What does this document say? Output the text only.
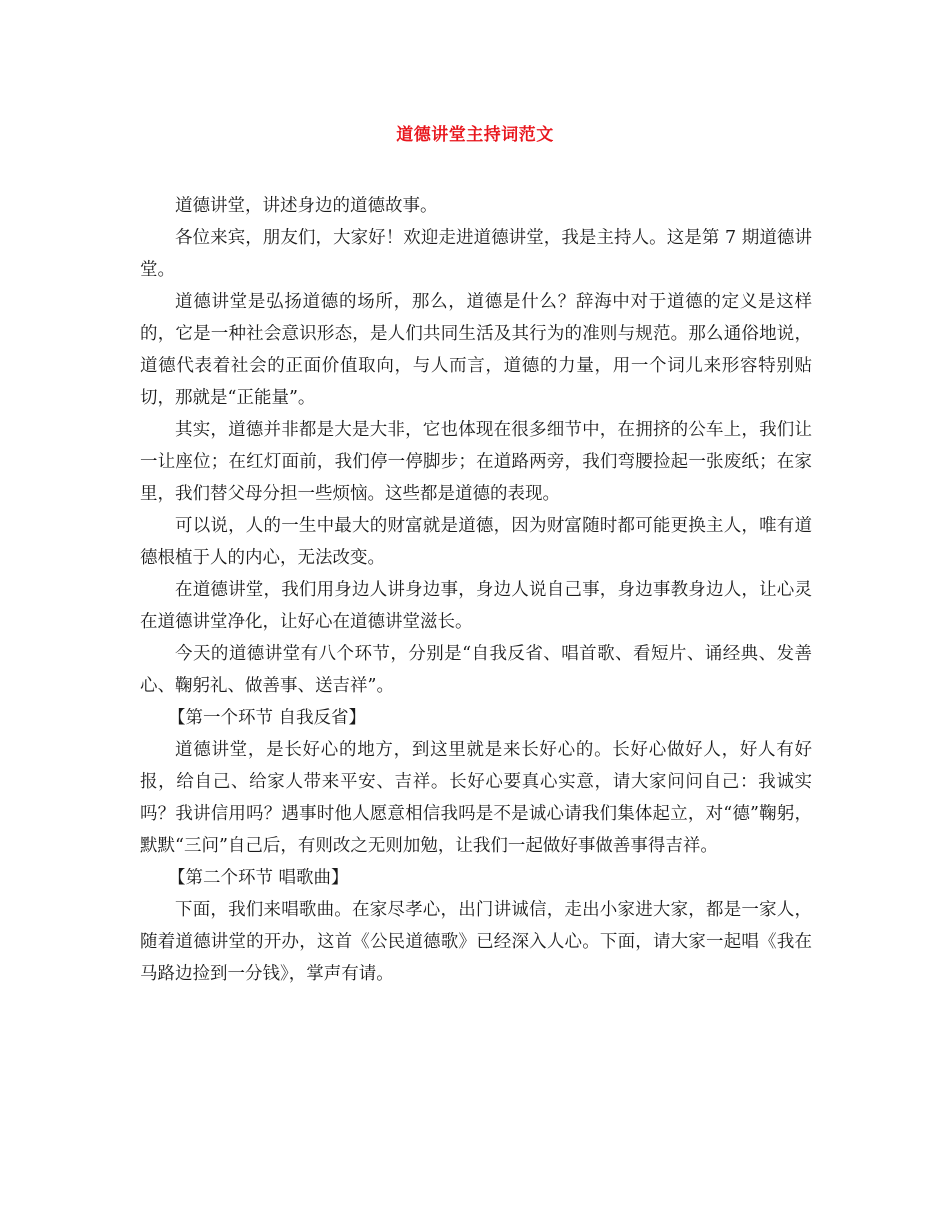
道德讲堂主持词范文

道德讲堂，讲述身边的道德故事。

各位来宾，朋友们，大家好！欢迎走进道德讲堂，我是主持人。这是第 7 期道德讲堂。

道德讲堂是弘扬道德的场所，那么，道德是什么？辞海中对于道德的定义是这样的，它是一种社会意识形态，是人们共同生活及其行为的准则与规范。那么通俗地说，道德代表着社会的正面价值取向，与人而言，道德的力量，用一个词儿来形容特别贴切，那就是“正能量”。

其实，道德并非都是大是大非，它也体现在很多细节中，在拥挤的公车上，我们让一让座位；在红灯面前，我们停一停脚步；在道路两旁，我们弯腰捡起一张废纸；在家里，我们替父母分担一些烦恼。这些都是道德的表现。

可以说，人的一生中最大的财富就是道德，因为财富随时都可能更换主人，唯有道德根植于人的内心，无法改变。

在道德讲堂，我们用身边人讲身边事，身边人说自己事，身边事教身边人，让心灵在道德讲堂净化，让好心在道德讲堂滋长。

今天的道德讲堂有八个环节，分别是“自我反省、唱首歌、看短片、诵经典、发善心、鞠躬礼、做善事、送吉祥”。

【第一个环节 自我反省】

道德讲堂，是长好心的地方，到这里就是来长好心的。长好心做好人，好人有好报，给自己、给家人带来平安、吉祥。长好心要真心实意，请大家问问自己：我诚实吗？我讲信用吗？遇事时他人愿意相信我吗是不是诚心请我们集体起立，对“德”鞠躬，默默“三问”自己后，有则改之无则加勉，让我们一起做好事做善事得吉祥。

【第二个环节 唱歌曲】

下面，我们来唱歌曲。在家尽孝心，出门讲诚信，走出小家进大家，都是一家人，随着道德讲堂的开办，这首《公民道德歌》已经深入人心。下面，请大家一起唱《我在马路边捡到一分钱》，掌声有请。
